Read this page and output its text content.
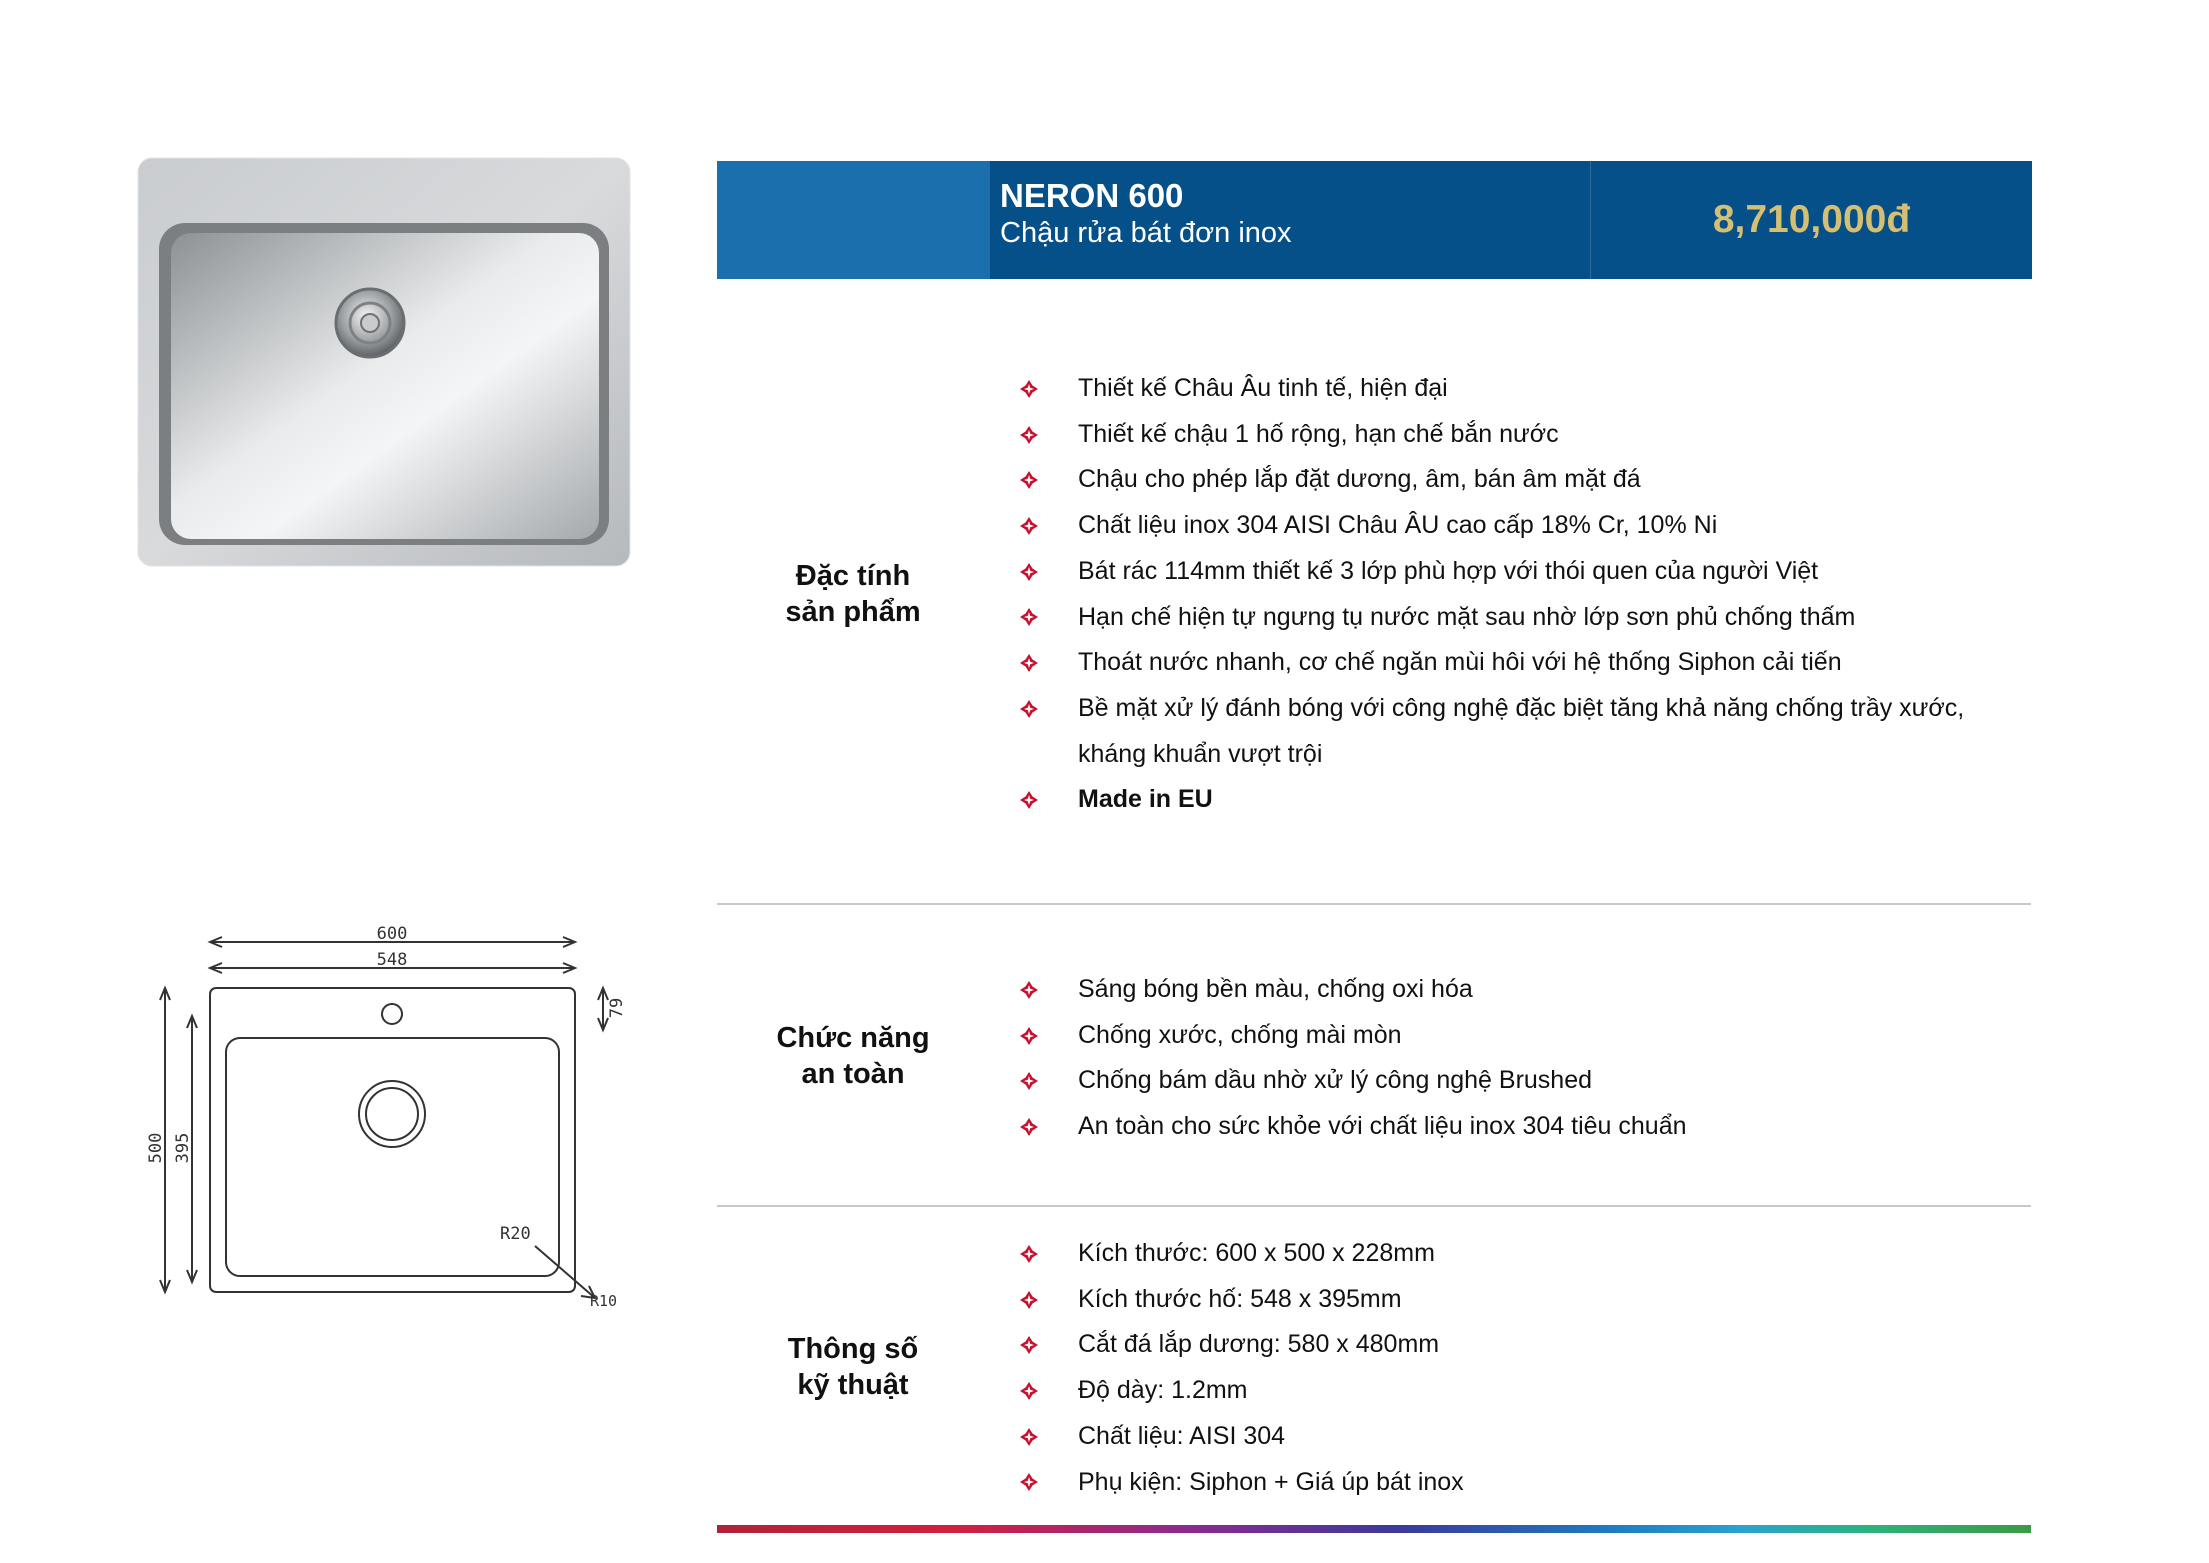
NERON 600
Chậu rửa bát đơn inox	8,710,000đ
Đặc tính
sản phẩm
Thiết kế Châu Âu tinh tế, hiện đại
Thiết kế chậu 1 hố rộng, hạn chế bắn nước
Chậu cho phép lắp đặt dương, âm, bán âm mặt đá
Chất liệu inox 304 AISI Châu ÂU cao cấp 18% Cr, 10% Ni
Bát rác 114mm thiết kế 3 lớp phù hợp với thói quen của người Việt
Hạn chế hiện tự ngưng tụ nước mặt sau nhờ lớp sơn phủ chống thấm
Thoát nước nhanh, cơ chế ngăn mùi hôi với hệ thống Siphon cải tiến
Bề mặt xử lý đánh bóng với công nghệ đặc biệt tăng khả năng chống trầy xước,
kháng khuẩn vượt trội
Made in EU
Chức năng
an toàn
Sáng bóng bền màu, chống oxi hóa
Chống xước, chống mài mòn
Chống bám dầu nhờ xử lý công nghệ Brushed
An toàn cho sức khỏe với chất liệu inox 304 tiêu chuẩn
Thông số
kỹ thuật
Kích thước: 600 x 500 x 228mm
Kích thước hố: 548 x 395mm
Cắt đá lắp dương: 580 x 480mm
Độ dày: 1.2mm
Chất liệu: AISI 304
Phụ kiện: Siphon + Giá úp bát inox
600
548
500 395
79
R20
R10
